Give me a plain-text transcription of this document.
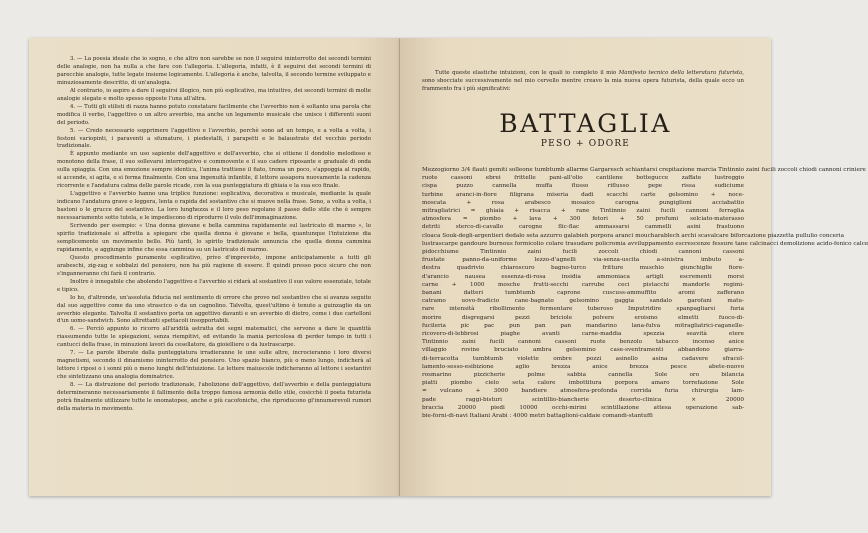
3. — La poesia ideale che io sogno, e che altro non sarebbe se non il seguirsi ininterrotto dei secondi termini delle analogie, non ha nulla a che fare con l'allegoria. L'allegoria, infatti, è il seguirsi dei secondi termini di parecchie analogie, tutte legate insieme logicamente. L'allegoria è anche, talvolta, il secondo termine sviluppato e minuziosamente descritto, di un'analogia.

Al contrario, io aspiro a dare il seguirsi illogico, non più esplicativo, ma intuitivo, dei secondi termini di molte analogie slegate e molto spesso opposte l'una all'altra.

4. — Tutti gli stilisti di razza hanno potuto constatare facilmente che l'avverbio non è soltanto una parola che modifica il verbo, l'aggettivo o un altro avverbio, ma anche un legamento musicale che unisce i differenti suoni del periodo.

5. — Credo necessario sopprimere l'aggettivo e l'avverbio, perchè sono ad un tempo, e a volta a volta, i festoni variopinti, i paraventi a sfumature, i piedestalli, i parapetti e le balaustrate del vecchio periodo tradizionale.

È appunto mediante un uso sapiente dell'aggettivo e dell'avverbio, che si ottiene il dondolio melodioso e monotono della frase, il suo sollevarsi interrogativo e commovente e il suo cadere riposante e graduale di onda sulla spiaggia. Con una emozione sempre identica, l'anima trattiene il fiato, trema un poco, s'appoggia al rapido, si accende, si agita, e si ferma finalmente. Con una ingenuità infantile, il lettore assapora nuovamente la cadenza ricorrente e l'andatura calma delle parole ricade, con la sua punteggiatura di ghiaia e la sua eco finale.

L'aggettivo e l'avverbio hanno una triplice funzione: esplicativa, decorativa e musicale, mediante la quale indicano l'andatura grave o leggera, lenta o rapida del sostantivo che si muove nella frase. Sono, a volta a volta, i bastoni o le grucce del sostantivo. La loro lunghezza e il loro peso regolano il passo dello stile che è sempre necessariamente sotto tutela, e le impediscono di riprodurre il volo dell'immaginazione.

Scrivendo per esempio: « Una donna giovane e bella cammina rapidamente sul lastricato di marmo », lo spirito tradizionale si affretta a spiegare che quella donna è giovane e bella, quantunque l'intuizione dia semplicemente un movimento bello. Più tardi, lo spirito tradizionale annuncia che quella donna cammina rapidamente, e aggiunge infine che essa cammina su un lastricato di marmo.

Questo procedimento puramente esplicativo, privo d'imprevisto, impone anticipatamente a tutti gli arabeschi, zig-zag e sobbalzi del pensiero, non ha più ragione di essere. È quindi presso poco sicuro che non s'inganneranno chi farà il contrario.

Inoltre è innegabile che abolendo l'aggettivo e l'avverbio si ridarà al sostantivo il suo valore essenziale, totale e tipico.

Io ho, d'altronde, un'assoluta fiducia nel sentimento di orrore che provo nel sostantivo che si avanza seguito dal suo aggettivo come da uno strascico o da un cagnolino. Talvolta, quest'ultimo è tenuto a guinzaglio da un avverbio elegante. Talvolta il sostantivo porta un aggettivo davanti e un avverbio di dietro, come i due cartelloni d'un uomo-sandwich. Sono altrettanti spettacoli insopportabili.

6. — Perciò appunto io ricorro all'aridità astratta dei segni matematici, che servono a dare le quantità riassumendo tutte le spiegazioni, senza riempitivi, ed evitando la mania pericolosa di perder tempo in tutti i cantucci della frase, in minuzioni lavori da cesellatore, da gioielliere o da lustrascarpe.

7. — Le parole liberate dalla punteggiatura irradieranne le une sulle altre, incrocieranno i loro diversi magnetismi, secondo il dinamismo ininterrotto del pensiero. Uno spazio bianco, più o meno lungo, indicherà al lettore i riposi o i sonni più o meno lunghi dell'intuizione. Le lettere maiuscole indicheranno al lettore i sostantivi che sintetizzano una analogia dominatrice.

8. — La distruzione del periodo tradizionale, l'abolizione dell'aggettivo, dell'avverbio e della punteggiatura determineranno necessariamente il fallimento della troppo famosa armonia dello stile, cosicchè il poeta futurista potrà finalmente utilizzare tutte le onomatopee, anche e più cacofoniche, che riproducono gl'innumerevoli rumori della materia in movimento.

Tutte queste elastiche intuizioni, con le quali io completo il mio Manifesto tecnico della letteratura futurista, sono sbocciate successivamente nel mio cervello mentre creavo la mia nuova opera futurista, della quale ecco un frammento fra i più significativi:
BATTAGLIA
PESO + ODORE
Mezzogiorno 3/4 flauti gemiti solleone tumbtumb allarme Gargaresch schiantarsi crepitazione marcia Tintinnio zaini fucili zoccoli chiodi cannoni criniere
ruote cassoni ebrei frittelle pani-all'olio cantilene bottegucce zaffate lustreggio
cispa puzzo cannella muffa flusso riflusso pepe rissa sudiciume
turbine aranci-in-fiore filigrana miseria dadi scacchi carte gelsomino + noce-
moscata + rosa arabesco mosaico carogna pungiglioni acciabattio
mitragliatrici = ghiaia + risacca + rane Tintinnio zaini fucili cannoni ferraglia
atmosfera = piombo + lava + 300 fetori + 50 profumi selciato-materasso
detriti sterco-di-cavallo carogne flic-flac ammassarsi cammelli asini frastuono
cloaca Souk-degli-argentieri dedalo seta azzurro galabieh porpora aranci moucharablech archi scavalcare biforcazione piazzetta pullulio conceria
lustrascarpe gandoure burnous formicolio colare trasudare policromia avviluppamento escrescenze fessure tane calcinacci demolizione acido-fenico calce
pidocchiume Tintinnio zaini fucili zoccoli chiodi cannoni cassoni
frustate panno-da-uniforme lezzo-d'agnelli via-senza-uscita a-sinistra imbuto a-
destra quadrivio chiaroscuro bagno-turco fritture muschio giunchiglie fiore-
d'arancio nausea essenza-di-rosa insidia ammoniaca artigli escrementi morsi
carne + 1000 mosche frutti-secchi carrube ceci pistacchi mandorle regimi-
banani datteri tumbtumb caprone cuscuss-ammuffito aromi zafferano
catramo uovo-fradicio cane-bagnato gelsomino gaggia sandalo garofani matu-
rare intensità ribollimento fermentare tuberoso Imputridire spanpagliarsi furia
morire disgregarsi pezzi briciole polvere eroismo elmetti fuoco-di-
fucileria pic pac pun pan pan mandarino lana-fulva mitragliatrici-raganelle-
ricovero-di-lebbrosi piaghe avanti carne-maddia spezzia seavità etere
Tintinnio zaini fucili cannoni cassoni ruote benzolo tabacco incenso anice
villaggio rovine bruciato ambra gelsomino case-sventramenti abbandono giarra-
di-terracotta tumbtumb violette ombre pozzi asinello asina cadavere sfracel-
lamento-sesso-esibizione aglio brezza anice brezza pesce abete-nuovo
rosmarino pizzicherie polme sabbia cannella Sole oro bilancia
piatti piombo cielo seta calore imbottitura porpora amaro torrefazione Sole
= vulcano + 3000 bandiere atmosfera-profonda corrida furia chirurgia lam-
pade raggi-bisturi scintillio-biancherie deserto-clinica × 20000
braccia 20000 piedi 10000 occhi-mirini scintillazione attesa operazione sab-
bie-forni-di-navi Italiani Arabi : 4000 metri battaglioni-caldaie comandi-stantuffi
